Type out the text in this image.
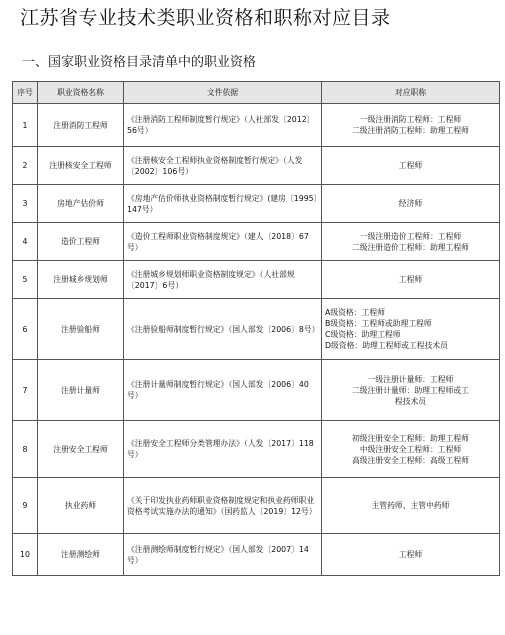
江苏省专业技术类职业资格和职称对应目录
一、国家职业资格目录清单中的职业资格
序号	职业资格名称	文件依据	对应职称
1	注册消防工程师	《注册消防工程师制度暂行规定》（人社部发〔2012〕56号）	一级注册消防工程师：工程师
二级注册消防工程师：助理工程师

2	注册核安全工程师	《注册核安全工程师执业资格制度暂行规定》（人发〔2002〕106号）	工程师

3	房地产估价师	《房地产估价师执业资格制度暂行规定》(建房〔1995〕147号）	经济师

4	造价工程师	《造价工程师职业资格制度规定》（建人〔2018〕67号）	一级注册造价工程师：工程师
二级注册造价工程师：助理工程师

5	注册城乡规划师	《注册城乡规划师职业资格制度规定》（人社部规〔2017〕6号）	工程师

6	注册验船师	《注册验船师制度暂行规定》（国人部发〔2006〕8号）	A级资格：工程师
B级资格：工程师或助理工程师
C级资格：助理工程师
D级资格：助理工程师或工程技术员

7	注册计量师	《注册计量师制度暂行规定》（国人部发〔2006〕40号）	一级注册计量师：工程师
二级注册计量师：助理工程师或工
程技术员

8	注册安全工程师	《注册安全工程师分类管理办法》（人发〔2017〕118号）	初级注册安全工程师：助理工程师
中级注册安全工程师：工程师
高级注册安全工程师：高级工程师

9	执业药师	《关于印发执业药师职业资格制度规定和执业药师职业资格考试实施办法的通知》（国药监人〔2019〕12号）	主管药师、主管中药师

10	注册测绘师	《注册测绘师制度暂行规定》（国人部发〔2007〕14号）	工程师
